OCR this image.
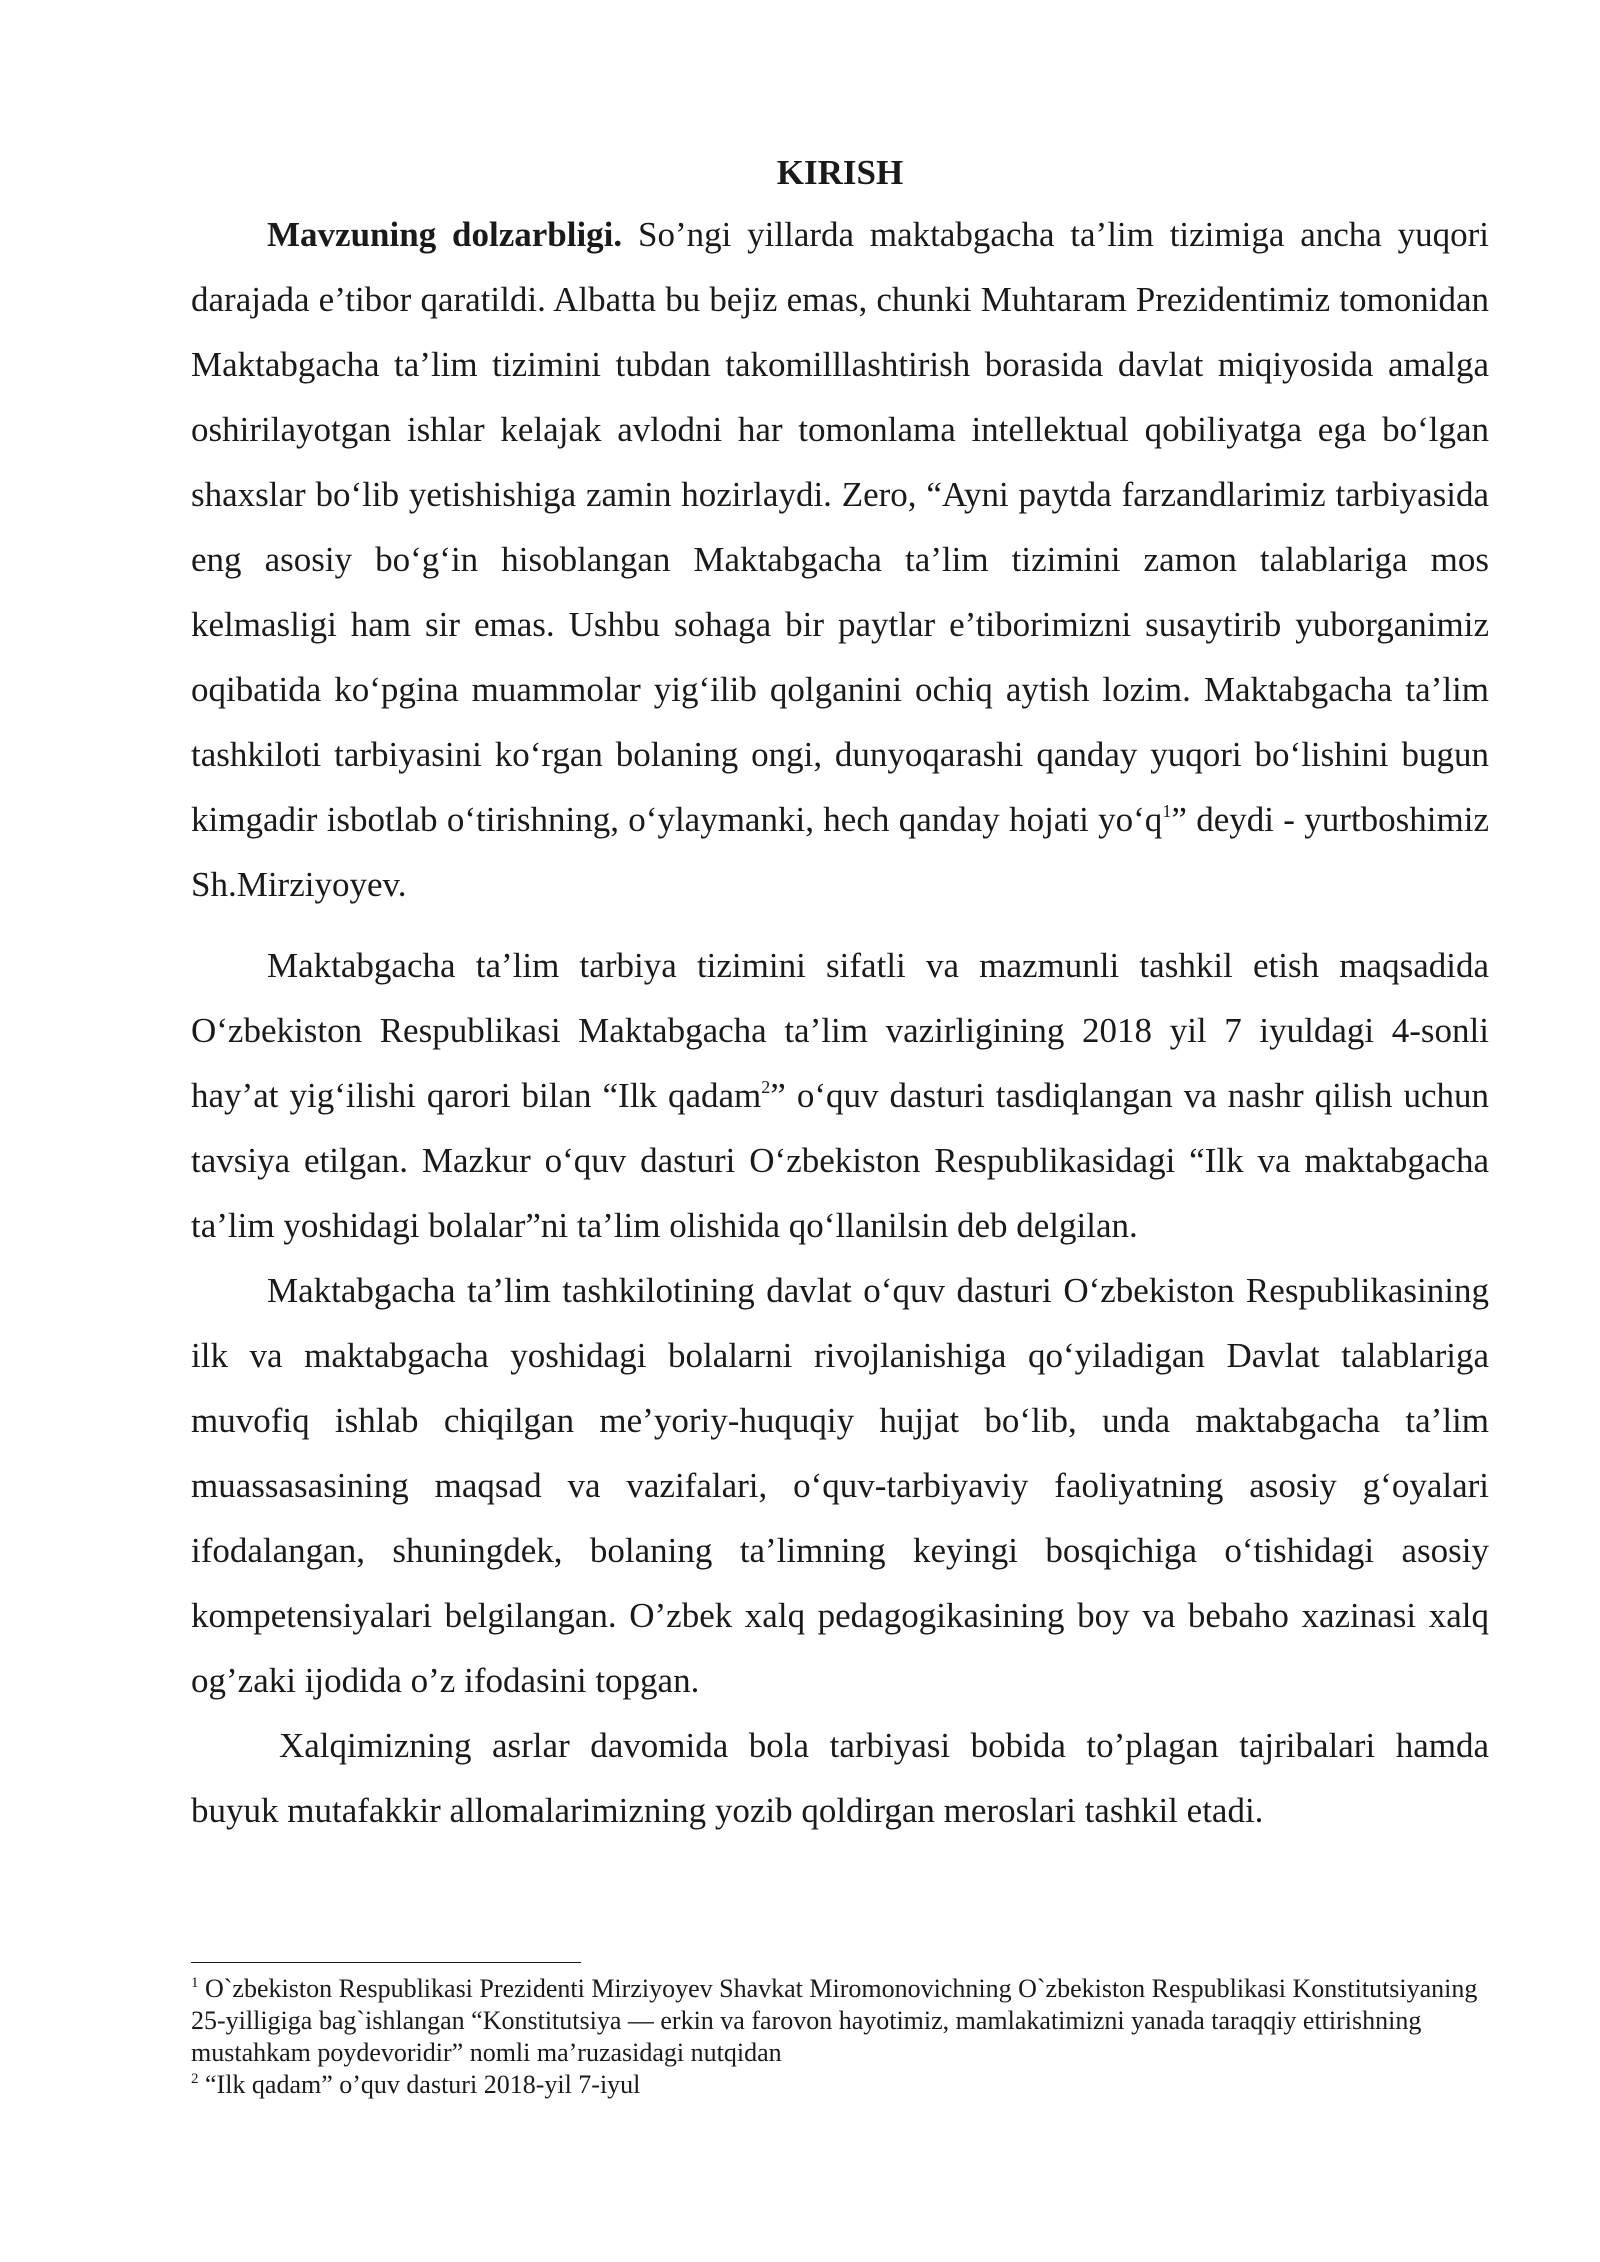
KIRISH

Mavzuning dolzarbligi. So’ngi yillarda maktabgacha ta’lim tizimiga ancha yuqori darajada e’tibor qaratildi. Albatta bu bejiz emas, chunki Muhtaram Prezidentimiz tomonidan Maktabgacha ta’lim tizimini tubdan takomilllashtirish borasida davlat miqiyosida amalga oshirilayotgan ishlar kelajak avlodni har tomonlama intellektual qobiliyatga ega bo‘lgan shaxslar bo‘lib yetishishiga zamin hozirlaydi. Zero, “Ayni paytda farzandlarimiz tarbiyasida eng asosiy bo‘g‘in hisoblangan Maktabgacha ta’lim tizimini zamon talablariga mos kelmasligi ham sir emas. Ushbu sohaga bir paytlar e’tiborimizni susaytirib yuborganimiz oqibatida ko‘pgina muammolar yig‘ilib qolganini ochiq aytish lozim. Maktabgacha ta’lim tashkiloti tarbiyasini ko‘rgan bolaning ongi, dunyoqarashi qanday yuqori bo‘lishini bugun kimgadir isbotlab o‘tirishning, o‘ylaymanki, hech qanday hojati $yo‘q^1$” deydi - yurtboshimiz Sh.Mirziyoyev.

Maktabgacha ta’lim tarbiya tizimini sifatli va mazmunli tashkil etish maqsadida O‘zbekiston Respublikasi Maktabgacha ta’lim vazirligining 2018 yil 7 iyuldagi 4-sonli hay’at yig‘ilishi qarori bilan “Ilk qadam$^2$” o‘quv dasturi tasdiqlangan va nashr qilish uchun tavsiya etilgan. Mazkur o‘quv dasturi O‘zbekiston Respublikasidagi “Ilk va maktabgacha ta’lim yoshidagi bolalar”ni ta’lim olishida qo‘llanilsin deb delgilan.

Maktabgacha ta’lim tashkilotining davlat o‘quv dasturi O‘zbekiston Respublikasining ilk va maktabgacha yoshidagi bolalarni rivojlanishiga qo‘yiladigan Davlat talablariga muvofiq ishlab chiqilgan me’yoriy-huquqiy hujjat bo‘lib, unda maktabgacha ta’lim muassasasining maqsad va vazifalari, o‘quv-tarbiyaviy faoliyatning asosiy g‘oyalari ifodalangan, shuningdek, bolaning ta’limning keyingi bosqichiga o‘tishidagi asosiy kompetensiyalari belgilangan. O’zbek xalq pedagogikasining boy va bebaho xazinasi xalq og’zaki ijodida o’z ifodasini topgan.

Xalqimizning asrlar davomida bola tarbiyasi bobida to’plagan tajribalari hamda buyuk mutafakkir allomalarimizning yozib qoldirgan meroslari tashkil etadi.

$^1$ O`zbekiston Respublikasi Prezidenti Mirziyoyev Shavkat Miromonovichning O`zbekiston Respublikasi Konstitutsiyaning 25-yilligiga bag`ishlangan “Konstitutsiya — erkin va farovon hayotimiz, mamlakatimizni yanada taraqqiy ettirishning mustahkam poydevoridir” nomli ma’ruzasidagi nutqidan

$^2$ “Ilk qadam” o’quv dasturi 2018-yil 7-iyul
